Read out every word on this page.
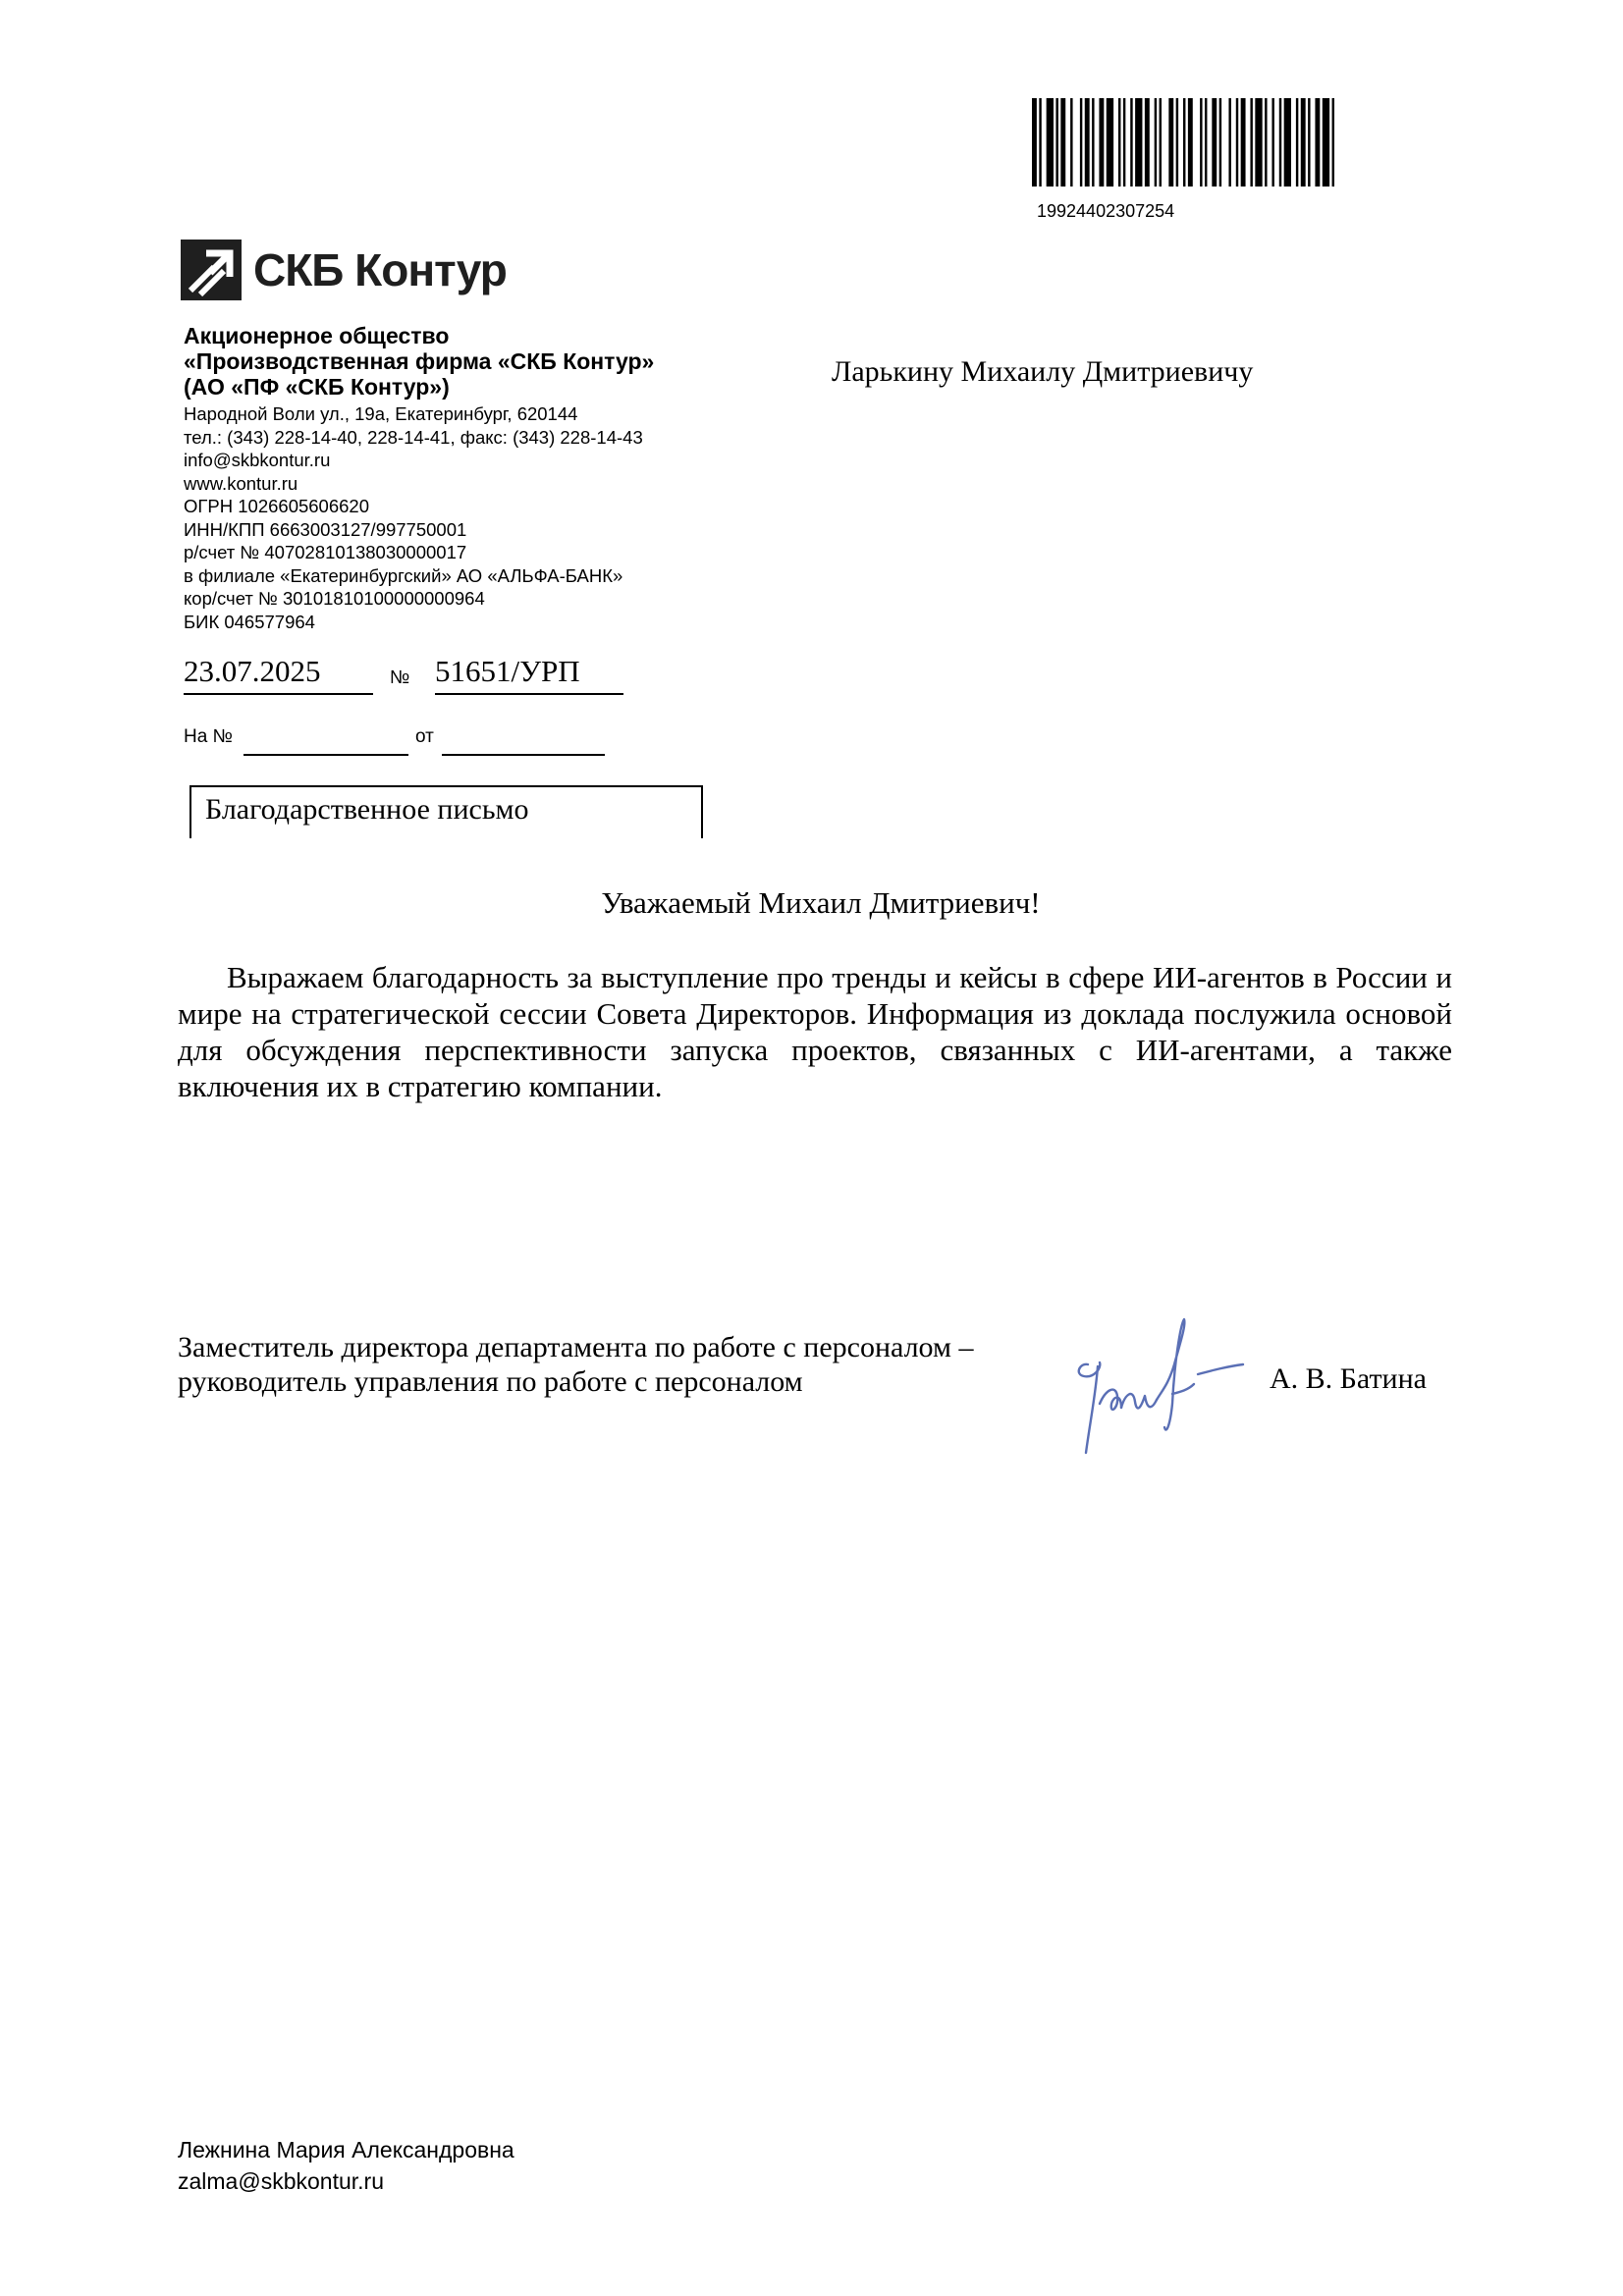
19924402307254
СКБ Контур
Акционерное общество
«Производственная фирма «СКБ Контур»
(АО «ПФ «СКБ Контур»)
Народной Воли ул., 19а, Екатеринбург, 620144
тел.: (343) 228-14-40, 228-14-41, факс: (343) 228-14-43
info@skbkontur.ru
www.kontur.ru
ОГРН 1026605606620
ИНН/КПП 6663003127/997750001
р/счет № 40702810138030000017
в филиале «Екатеринбургский» АО «АЛЬФА-БАНК»
кор/счет № 30101810100000000964
БИК 046577964
Ларькину Михаилу Дмитриевичу
23.07.2025	№ 51651/УРП
На №	от
Благодарственное письмо
Уважаемый Михаил Дмитриевич!

Выражаем благодарность за выступление про тренды и кейсы в сфере ИИ-агентов в России и мире на стратегической сессии Совета Директоров. Информация из доклада послужила основой для обсуждения перспективности запуска проектов, связанных с ИИ-агентами, а также включения их в стратегию компании.

Заместитель директора департамента по работе с персоналом –
руководитель управления по работе с персоналом	А. В. Батина
Лежнина Мария Александровна
zalma@skbkontur.ru
